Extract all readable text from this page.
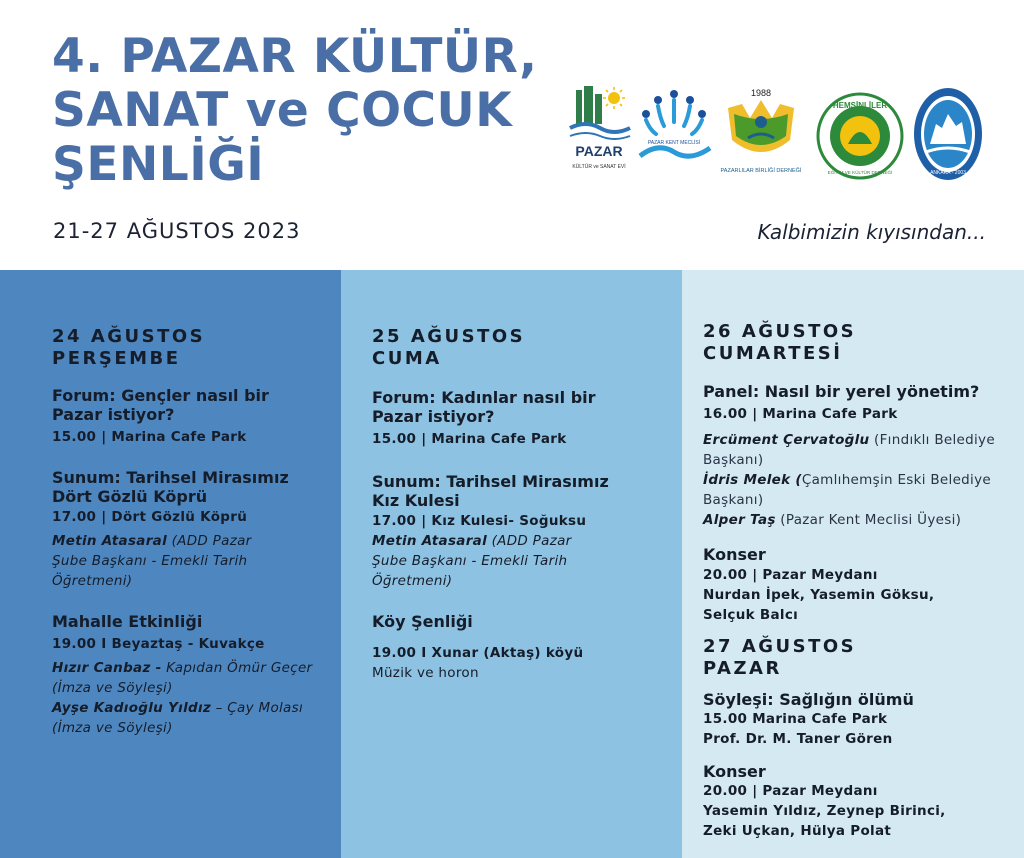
4. PAZAR KÜLTÜR,
SANAT ve ÇOCUK
ŞENLİĞİ
21-27 AĞUSTOS 2023	Kalbimizin kıyısından...
PAZAR
KÜLTÜR ve SANAT EVİ
PAZAR KENT MECLİSİ
1988
PAZARLILAR BİRLİĞİ DERNEĞİ
HEMŞİNLİLER
EĞİTİM VE KÜLTÜR DERNEĞİ	ANKARA - 2003
24 AĞUSTOS
PERŞEMBE
Forum: Gençler nasıl bir
Pazar istiyor?
15.00 | Marina Cafe Park
Sunum: Tarihsel Mirasımız
Dört Gözlü Köprü
17.00 | Dört Gözlü Köprü
Metin Atasaral (ADD Pazar
Şube Başkanı - Emekli Tarih
Öğretmeni)
Mahalle Etkinliği
19.00 I Beyaztaş - Kuvakçe
Hızır Canbaz - Kapıdan Ömür Geçer
(İmza ve Söyleşi)
Ayşe Kadıoğlu Yıldız – Çay Molası
(İmza ve Söyleşi)
25 AĞUSTOS
CUMA
Forum: Kadınlar nasıl bir
Pazar istiyor?
15.00 | Marina Cafe Park
Sunum: Tarihsel Mirasımız
Kız Kulesi
17.00 | Kız Kulesi- Soğuksu
Metin Atasaral (ADD Pazar
Şube Başkanı - Emekli Tarih
Öğretmeni)
Köy Şenliği
19.00 I Xunar (Aktaş) köyü
Müzik ve horon
26 AĞUSTOS
CUMARTESİ
Panel: Nasıl bir yerel yönetim?
16.00 | Marina Cafe Park
Ercüment Çervatoğlu (Fındıklı Belediye
Başkanı)
İdris Melek (Çamlıhemşin Eski Belediye
Başkanı)
Alper Taş (Pazar Kent Meclisi Üyesi)
Konser
20.00 | Pazar Meydanı
Nurdan İpek, Yasemin Göksu,
Selçuk Balcı
27 AĞUSTOS
PAZAR
Söyleşi: Sağlığın ölümü
15.00 Marina Cafe Park
Prof. Dr. M. Taner Gören
Konser
20.00 | Pazar Meydanı
Yasemin Yıldız, Zeynep Birinci,
Zeki Uçkan, Hülya Polat
